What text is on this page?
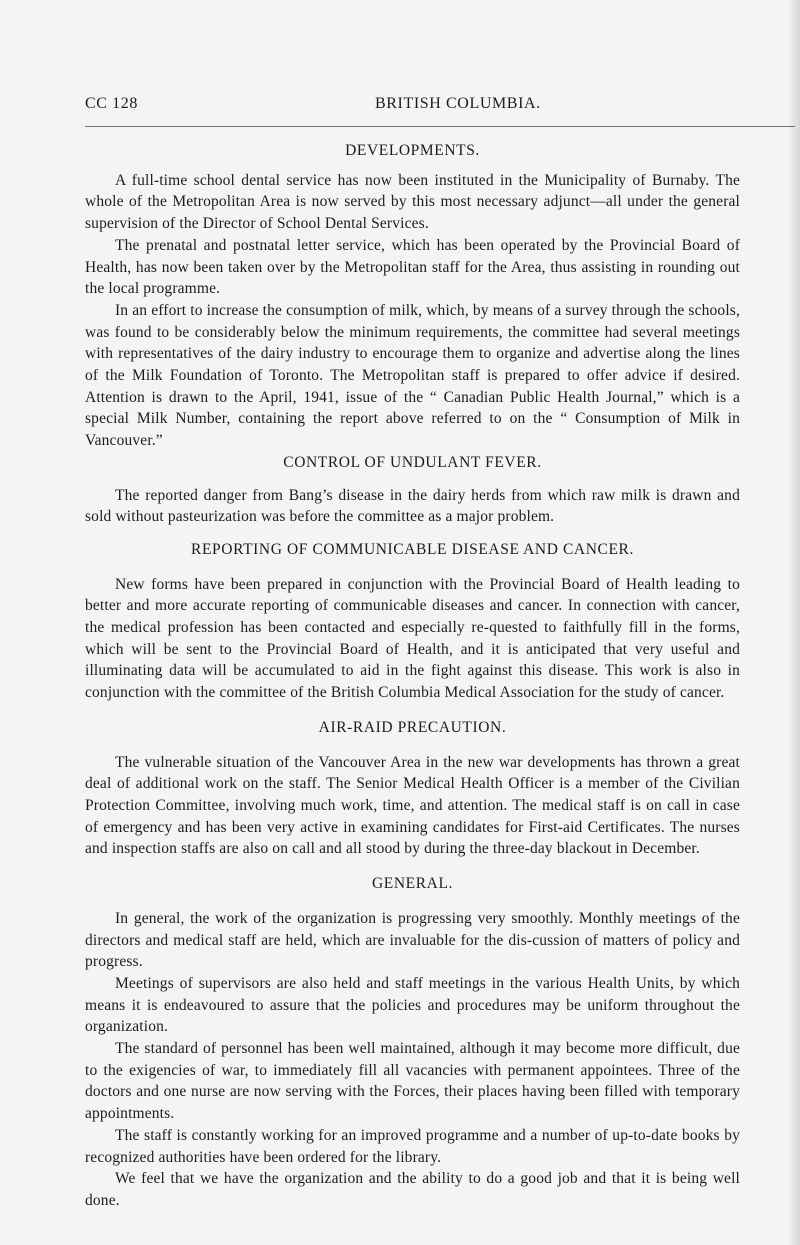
CC 128	BRITISH COLUMBIA.
DEVELOPMENTS.

A full-time school dental service has now been instituted in the Municipality of Burnaby. The whole of the Metropolitan Area is now served by this most necessary adjunct—all under the general supervision of the Director of School Dental Services.

The prenatal and postnatal letter service, which has been operated by the Provincial Board of Health, has now been taken over by the Metropolitan staff for the Area, thus assisting in rounding out the local programme.

In an effort to increase the consumption of milk, which, by means of a survey through the schools, was found to be considerably below the minimum requirements, the committee had several meetings with representatives of the dairy industry to encourage them to organize and advertise along the lines of the Milk Foundation of Toronto. The Metropolitan staff is prepared to offer advice if desired. Attention is drawn to the April, 1941, issue of the “ Canadian Public Health Journal,” which is a special Milk Number, containing the report above referred to on the “ Consumption of Milk in Vancouver.”

CONTROL OF UNDULANT FEVER.

The reported danger from Bang’s disease in the dairy herds from which raw milk is drawn and sold without pasteurization was before the committee as a major problem.

REPORTING OF COMMUNICABLE DISEASE AND CANCER.

New forms have been prepared in conjunction with the Provincial Board of Health leading to better and more accurate reporting of communicable diseases and cancer. In connection with cancer, the medical profession has been contacted and especially re-quested to faithfully fill in the forms, which will be sent to the Provincial Board of Health, and it is anticipated that very useful and illuminating data will be accumulated to aid in the fight against this disease. This work is also in conjunction with the committee of the British Columbia Medical Association for the study of cancer.

AIR-RAID PRECAUTION.

The vulnerable situation of the Vancouver Area in the new war developments has thrown a great deal of additional work on the staff. The Senior Medical Health Officer is a member of the Civilian Protection Committee, involving much work, time, and attention. The medical staff is on call in case of emergency and has been very active in examining candidates for First-aid Certificates. The nurses and inspection staffs are also on call and all stood by during the three-day blackout in December.

GENERAL.

In general, the work of the organization is progressing very smoothly. Monthly meetings of the directors and medical staff are held, which are invaluable for the dis-cussion of matters of policy and progress.

Meetings of supervisors are also held and staff meetings in the various Health Units, by which means it is endeavoured to assure that the policies and procedures may be uniform throughout the organization.

The standard of personnel has been well maintained, although it may become more difficult, due to the exigencies of war, to immediately fill all vacancies with permanent appointees. Three of the doctors and one nurse are now serving with the Forces, their places having been filled with temporary appointments.

The staff is constantly working for an improved programme and a number of up-to-date books by recognized authorities have been ordered for the library.

We feel that we have the organization and the ability to do a good job and that it is being well done.
